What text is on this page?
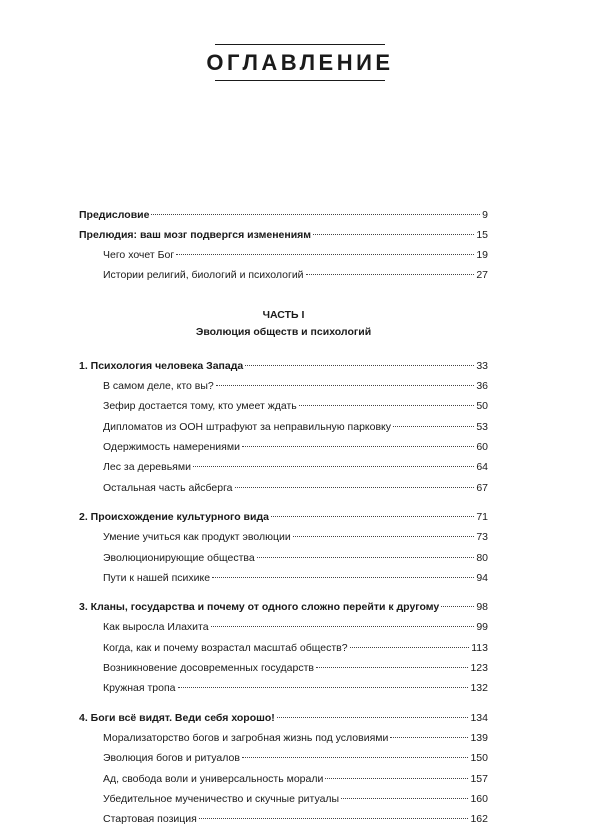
ОГЛАВЛЕНИЕ
Предисловие	9
Прелюдия: ваш мозг подвергся изменениям	15
Чего хочет Бог	19
Истории религий, биологий и психологий	27
ЧАСТЬ I
Эволюция обществ и психологий
1. Психология человека Запада	33
В самом деле, кто вы?	36
Зефир достается тому, кто умеет ждать	50
Дипломатов из ООН штрафуют за неправильную парковку	53
Одержимость намерениями	60
Лес за деревьями	64
Остальная часть айсберга	67
2. Происхождение культурного вида	71
Умение учиться как продукт эволюции	73
Эволюционирующие общества	80
Пути к нашей психике	94
3. Кланы, государства и почему от одного сложно перейти к другому	98
Как выросла Илахита	99
Когда, как и почему возрастал масштаб обществ?	113
Возникновение досовременных государств	123
Кружная тропа	132
4. Боги всё видят. Веди себя хорошо!	134
Морализаторство богов и загробная жизнь под условиями	139
Эволюция богов и ритуалов	150
Ад, свобода воли и универсальность морали	157
Убедительное мученичество и скучные ритуалы	160
Стартовая позиция	162
